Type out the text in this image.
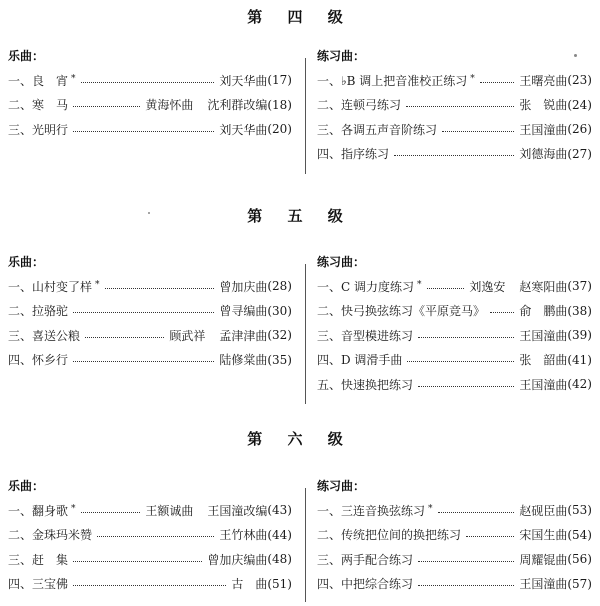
第 四 级
乐曲：
一、良　宵 *	刘天华曲 (17)
二、寒　马	黄海怀曲 沈利群改编 (18)
三、光明行	刘天华曲 (20)
练习曲：
一、♭B 调上把音准校正练习 *	王曙亮曲 (23)
二、连顿弓练习	张　锐曲 (24)
三、各调五声音阶练习	王国潼曲 (26)
四、指序练习	刘德海曲 (27)
第 五 级
乐曲：
一、山村变了样 *	曾加庆曲 (28)
二、拉骆驼	曾寻编曲 (30)
三、喜送公粮	顾武祥 孟津津曲 (32)
四、怀乡行	陆修棠曲 (35)
练习曲：
一、C 调力度练习 *	刘逸安 赵寒阳曲 (37)
二、快弓换弦练习《平原竞马》	俞　鹏曲 (38)
三、音型模进练习	王国潼曲 (39)
四、D 调滑手曲	张　韶曲 (41)
五、快速换把练习	王国潼曲 (42)
第 六 级
乐曲：
一、翻身歌 *	王额诚曲 王国潼改编 (43)
二、金珠玛米赞	王竹林曲 (44)
三、赶　集	曾加庆编曲 (48)
四、三宝佛	古　曲 (51)
练习曲：
一、三连音换弦练习 *	赵砚臣曲 (53)
二、传统把位间的换把练习	宋国生曲 (54)
三、两手配合练习	周耀锟曲 (56)
四、中把综合练习	王国潼曲 (57)
